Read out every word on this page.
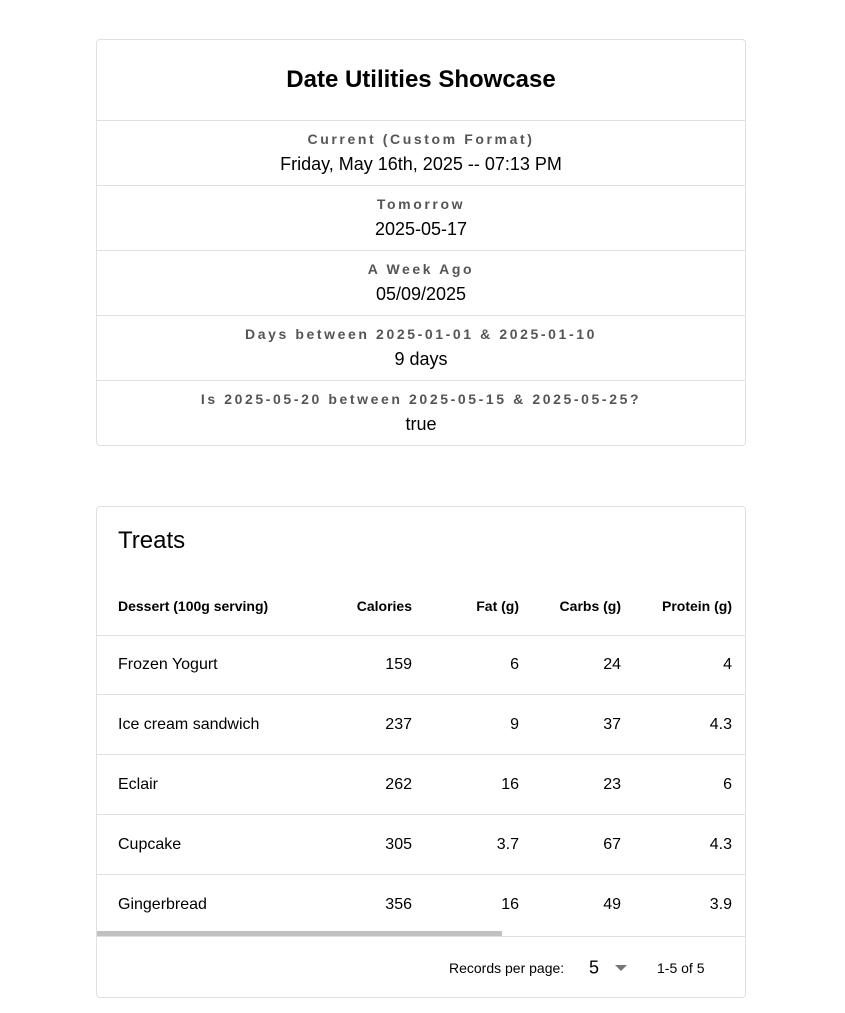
Date Utilities Showcase
Current (Custom Format)
Friday, May 16th, 2025 -- 07:13 PM
Tomorrow
2025-05-17
A Week Ago
05/09/2025
Days between 2025-01-01 & 2025-01-10
9 days
Is 2025-05-20 between 2025-05-15 & 2025-05-25?
true
Treats
Dessert (100g serving)	Calories	Fat (g)	Carbs (g)	Protein (g)
Frozen Yogurt	159	6	24	4
Ice cream sandwich	237	9	37	4.3
Eclair	262	16	23	6
Cupcake	305	3.7	67	4.3
Gingerbread	356	16	49	3.9
Records per page: 5	1-5 of 5
